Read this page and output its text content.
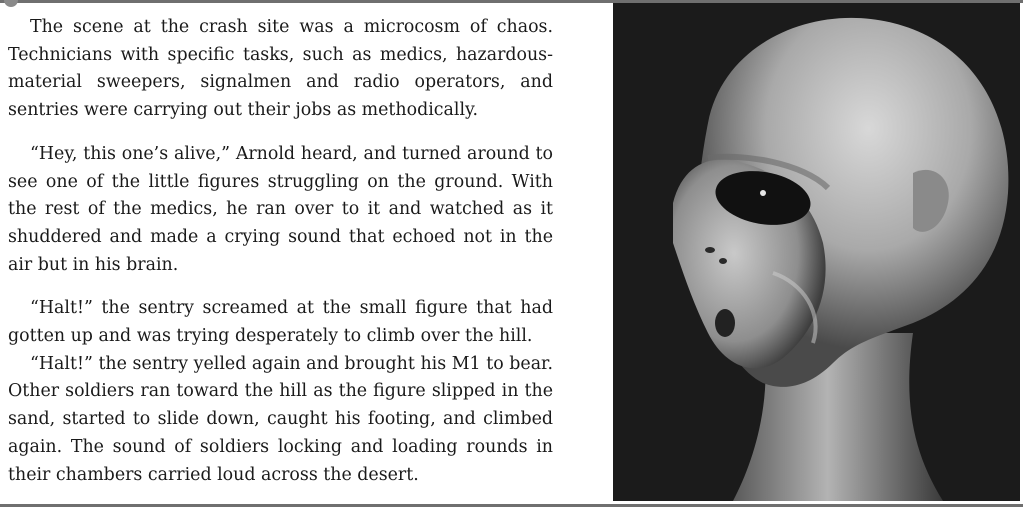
The scene at the crash site was a microcosm of chaos. Technicians with specific tasks, such as medics, hazardous-material sweepers, signalmen and radio operators, and sentries were carrying out their jobs as methodically.

“Hey, this one’s alive,” Arnold heard, and turned around to see one of the little figures struggling on the ground. With the rest of the medics, he ran over to it and watched as it shuddered and made a crying sound that echoed not in the air but in his brain.

“Halt!” the sentry screamed at the small figure that had gotten up and was trying desperately to climb over the hill.

“Halt!” the sentry yelled again and brought his M1 to bear. Other soldiers ran toward the hill as the figure slipped in the sand, started to slide down, caught his footing, and climbed again. The sound of soldiers locking and loading rounds in their chambers carried loud across the desert.
